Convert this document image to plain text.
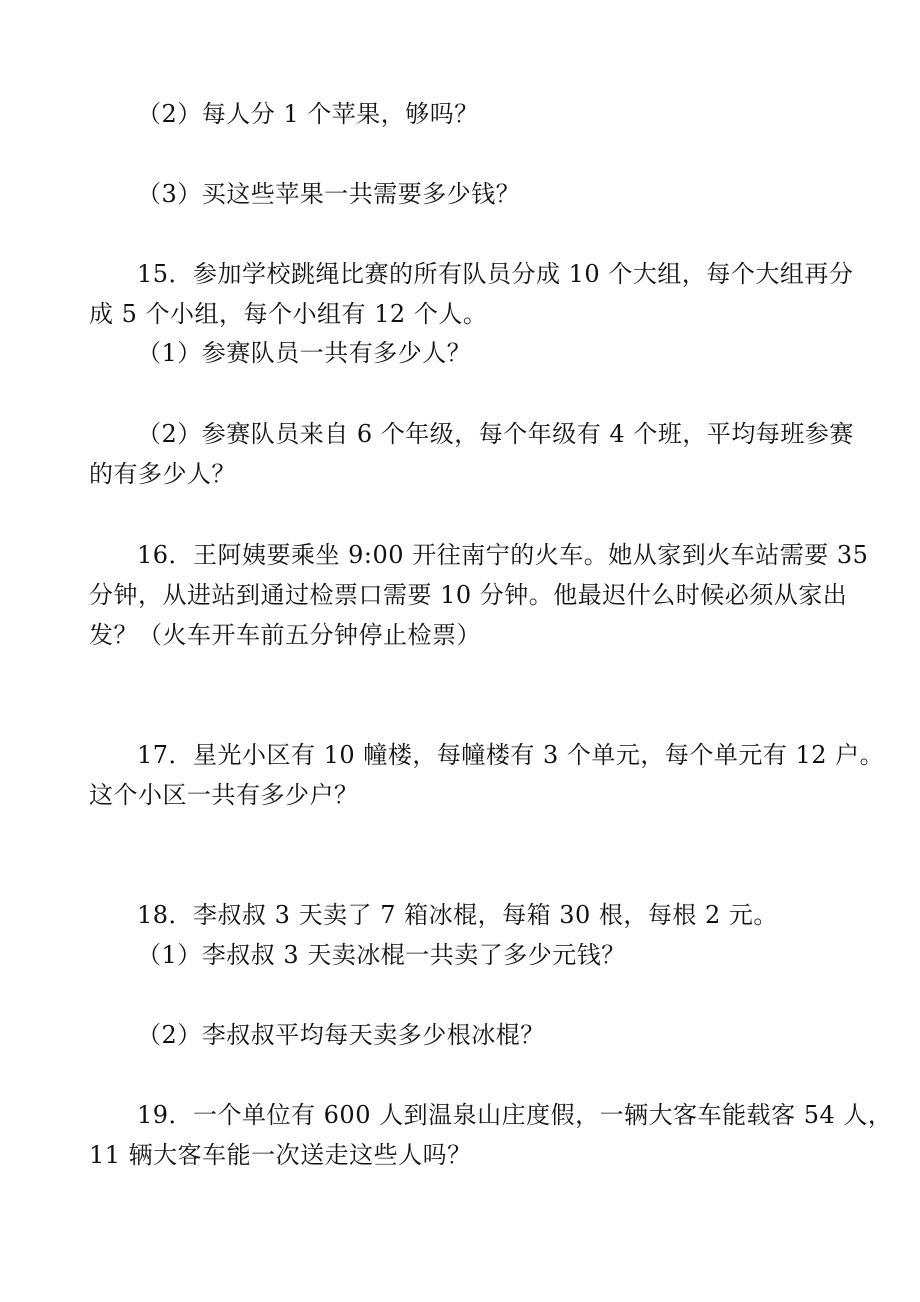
（2）每人分 1 个苹果，够吗？
（3）买这些苹果一共需要多少钱？
15．参加学校跳绳比赛的所有队员分成 10 个大组，每个大组再分
成 5 个小组，每个小组有 12 个人。
（1）参赛队员一共有多少人？
（2）参赛队员来自 6 个年级，每个年级有 4 个班，平均每班参赛
的有多少人？
16．王阿姨要乘坐 9:00 开往南宁的火车。她从家到火车站需要 35
分钟，从进站到通过检票口需要 10 分钟。他最迟什么时候必须从家出
发？（火车开车前五分钟停止检票）
17．星光小区有 10 幢楼，每幢楼有 3 个单元，每个单元有 12 户。
这个小区一共有多少户？
18．李叔叔 3 天卖了 7 箱冰棍，每箱 30 根，每根 2 元。
（1）李叔叔 3 天卖冰棍一共卖了多少元钱？
（2）李叔叔平均每天卖多少根冰棍？
19．一个单位有 600 人到温泉山庄度假，一辆大客车能载客 54 人，
11 辆大客车能一次送走这些人吗？
